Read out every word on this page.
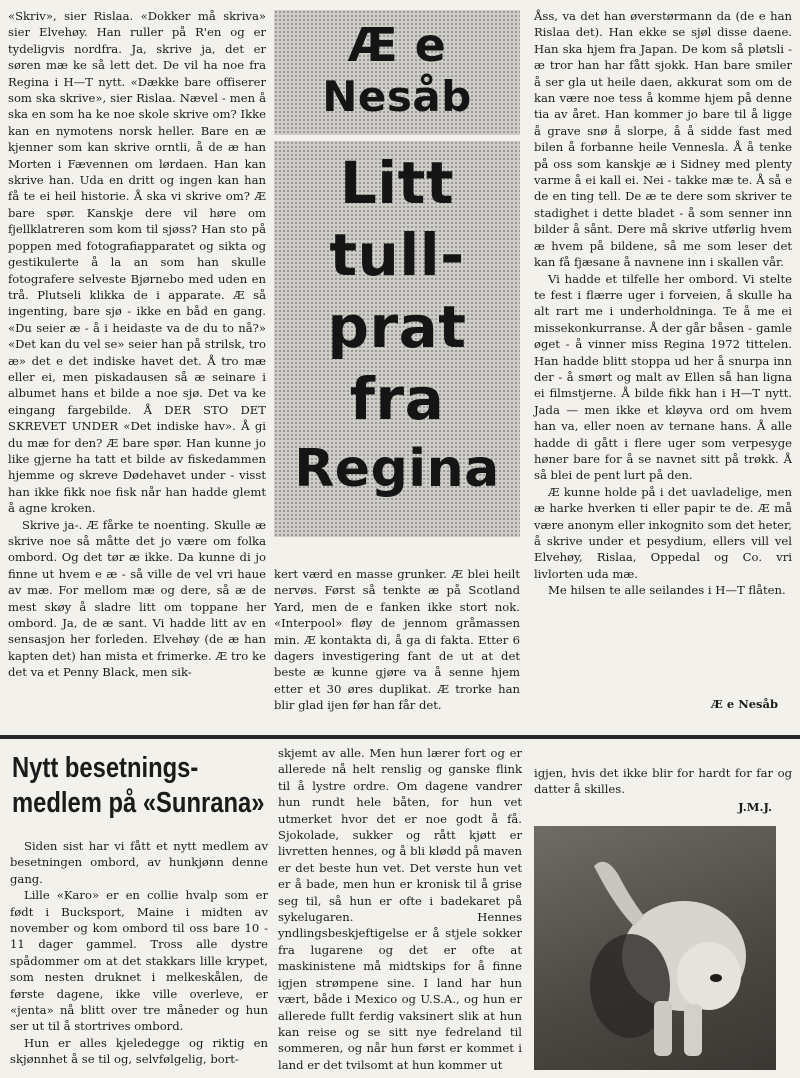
«Skriv», sier Rislaa. «Dokker må skriva» sier Elvehøy. Han ruller på R'en og er tydeligvis nordfra. Ja, skrive ja, det er søren mæ ke så lett det. De vil ha noe fra Regina i H—T nytt. «Dække bare offiserer som ska skrive», sier Rislaa. Nævel - men å ska en som ha ke noe skole skrive om? Ikke kan en nymotens norsk heller. Bare en æ kjenner som kan skrive orntli, å de æ han Morten i Fævennen om lørdaen. Han kan skrive han. Uda en dritt og ingen kan han få te ei heil historie. Å ska vi skrive om? Æ bare spør. Kanskje dere vil høre om fjellklatreren som kom til sjøss? Han sto på poppen med fotografiapparatet og sikta og gestikulerte å la an som han skulle fotografere selveste Bjørnebo med uden en trå. Plutseli klikka de i apparate. Æ så ingenting, bare sjø - ikke en båd en gang. «Du seier æ - å i heidaste va de du to nå?» «Det kan du vel se» seier han på strilsk, tro æ» det e det indiske havet det. Å tro mæ eller ei, men piskadausen så æ seinare i albumet hans et bilde a noe sjø. Det va ke eingang fargebilde. Å DER STO DET SKREVET UNDER «Det indiske hav». Å gi du mæ for den? Æ bare spør. Han kunne jo like gjerne ha tatt et bilde av fiskedammen hjemme og skreve Dødehavet under - visst han ikke fikk noe fisk når han hadde glemt å agne kroken.

Skrive ja-. Æ fårke te noenting. Skulle æ skrive noe så måtte det jo være om folka ombord. Og det tør æ ikke. Da kunne di jo finne ut hvem e æ - så ville de vel vri haue av mæ. For mellom mæ og dere, så æ de mest skøy å sladre litt om toppane her ombord. Ja, de æ sant. Vi hadde litt av en sensasjon her forleden. Elvehøy (de æ han kapten det) han mista et frimerke. Æ tro ke det va et Penny Black, men sik-

Æ e
Nesåb
Litt
tull-
prat
fra
Regina

kert værd en masse grunker. Æ blei heilt nervøs. Først så tenkte æ på Scotland Yard, men de e fanken ikke stort nok. «Interpool» fløy de jennom gråmassen min. Æ kontakta di, å ga di fakta. Etter 6 dagers investigering fant de ut at det beste æ kunne gjøre va å senne hjem etter et 30 øres duplikat. Æ trorke han blir glad ijen før han får det.

Åss, va det han øverstørmann da (de e han Rislaa det). Han ekke se sjøl disse daene. Han ska hjem fra Japan. De kom så pløtsli - æ tror han har fått sjokk. Han bare smiler å ser gla ut heile daen, akkurat som om de kan være noe tess å komme hjem på denne tia av året. Han kommer jo bare til å ligge å grave snø å slorpe, å å sidde fast med bilen å forbanne heile Vennesla. Å å tenke på oss som kanskje æ i Sidney med plenty varme å ei kall ei. Nei - takke mæ te. Å så e de en ting tell. De æ te dere som skriver te stadighet i dette bladet - å som senner inn bilder å sånt. Dere må skrive utførlig hvem æ hvem på bildene, så me som leser det kan få fjæsane å navnene inn i skallen vår.

Vi hadde et tilfelle her ombord. Vi stelte te fest i flærre uger i forveien, å skulle ha alt rart me i underholdninga. Te å me ei missekonkurranse. Å der går båsen - gamle øget - å vinner miss Regina 1972 tittelen. Han hadde blitt stoppa ud her å snurpa inn der - å smørt og malt av Ellen så han ligna ei filmstjerne. Å bilde fikk han i H—T nytt. Jada — men ikke et kløyva ord om hvem han va, eller noen av ternane hans. Å alle hadde di gått i flere uger som verpesyge høner bare for å se navnet sitt på trøkk. Å så blei de pent lurt på den.

Æ kunne holde på i det uavladelige, men æ harke hverken ti eller papir te de. Æ må være anonym eller inkognito som det heter, å skrive under et pesydium, ellers vill vel Elvehøy, Rislaa, Oppedal og Co. vri livlorten uda mæ.

Me hilsen te alle seilandes i H—T flåten.

Æ e Nesåb
Nytt besetnings-
medlem på «Sunrana»

Siden sist har vi fått et nytt medlem av besetningen ombord, av hunkjønn denne gang.

Lille «Karo» er en collie hvalp som er født i Bucksport, Maine i midten av november og kom ombord til oss bare 10 - 11 dager gammel. Tross alle dystre spådommer om at det stakkars lille krypet, som nesten druknet i melkeskålen, de første dagene, ikke ville overleve, er «jenta» nå blitt over tre måneder og hun ser ut til å stortrives ombord.

Hun er alles kjeledegge og riktig en skjønnhet å se til og, selvfølgelig, bort-

skjemt av alle. Men hun lærer fort og er allerede nå helt renslig og ganske flink til å lystre ordre. Om dagene vandrer hun rundt hele båten, for hun vet utmerket hvor det er noe godt å få. Sjokolade, sukker og rått kjøtt er livretten hennes, og å bli klødd på maven er det beste hun vet. Det verste hun vet er å bade, men hun er kronisk til å grise seg til, så hun er ofte i badekaret på sykelugaren. Hennes yndlingsbeskjeftigelse er å stjele sokker fra lugarene og det er ofte at maskinistene må midtskips for å finne igjen strømpene sine. I land har hun vært, både i Mexico og U.S.A., og hun er allerede fullt ferdig vaksinert slik at hun kan reise og se sitt nye fedreland til sommeren, og når hun først er kommet i land er det tvilsomt at hun kommer ut

igjen, hvis det ikke blir for hardt for far og datter å skilles.

J.M.J.
